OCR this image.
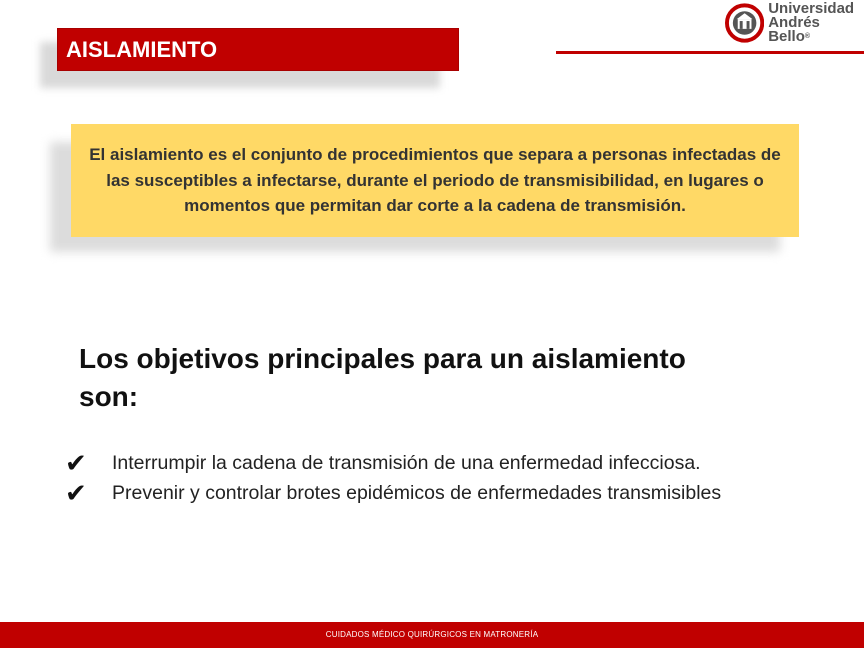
AISLAMIENTO
Universidad
Andrés Bello®
El aislamiento es el conjunto de procedimientos que separa a personas infectadas de las susceptibles a infectarse, durante el periodo de transmisibilidad, en lugares o momentos que permitan dar corte a la cadena de transmisión.
Los objetivos principales para un aislamiento son:
✔ Interrumpir la cadena de transmisión de una enfermedad infecciosa.
✔ Prevenir y controlar brotes epidémicos de enfermedades transmisibles
CUIDADOS MÉDICO QUIRÚRGICOS EN MATRONERÍA
